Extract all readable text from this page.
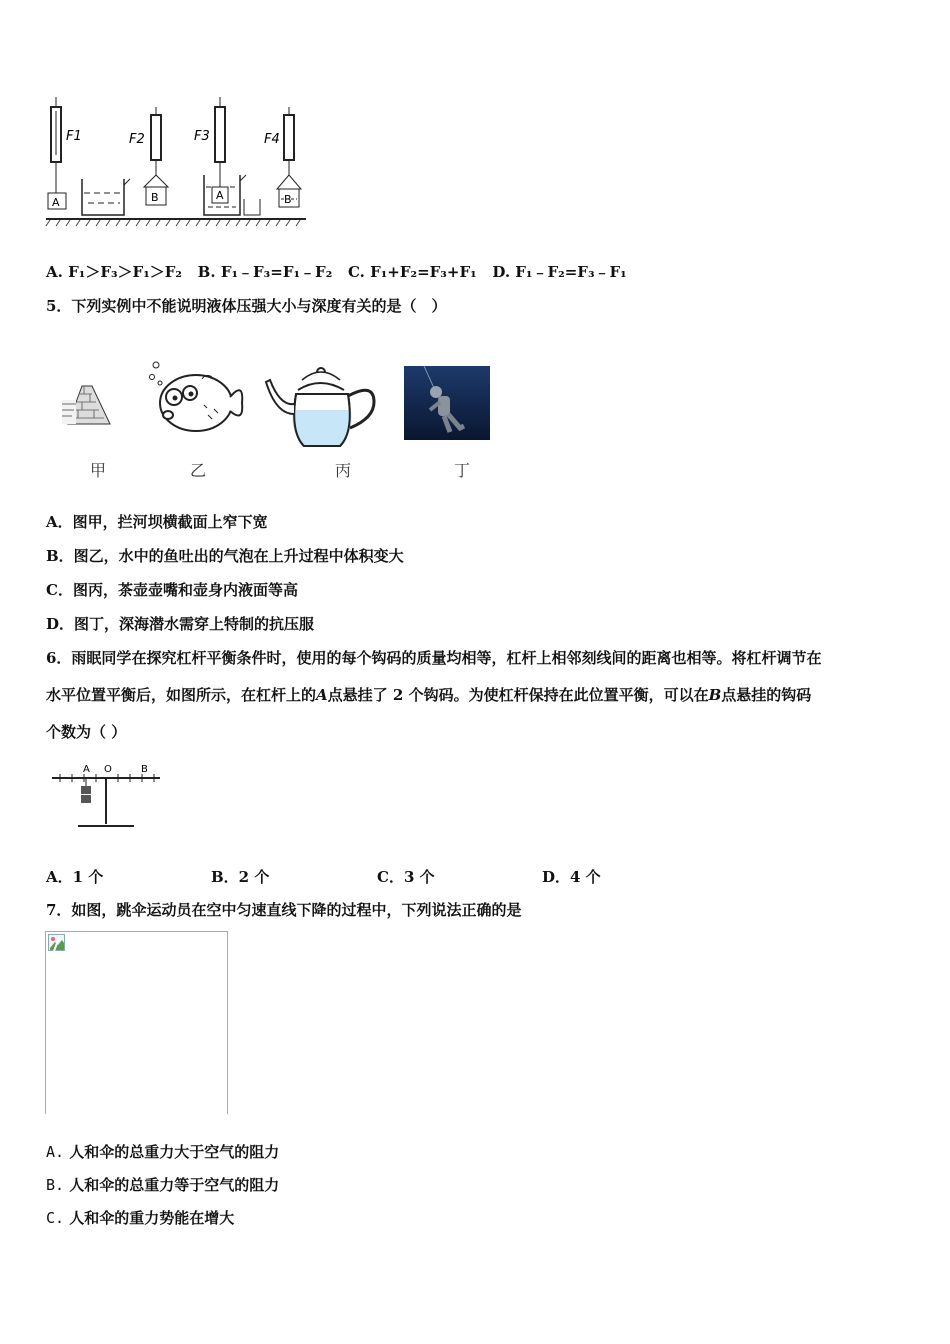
A
F1
B
F2
A
F3
B
F4
A. F₁＞F₃＞F₁＞F₂ B. F₁﹣F₃=F₁﹣F₂ C. F₁+F₂=F₃+F₁ D. F₁﹣F₂=F₃﹣F₁
5．下列实例中不能说明液体压强大小与深度有关的是（　）
甲	乙	丙	丁
A．图甲，拦河坝横截面上窄下宽
B．图乙，水中的鱼吐出的气泡在上升过程中体积变大
C．图丙，茶壶壶嘴和壶身内液面等高
D．图丁，深海潜水需穿上特制的抗压服
6．雨眠同学在探究杠杆平衡条件时，使用的每个钩码的质量均相等，杠杆上相邻刻线间的距离也相等。将杠杆调节在
水平位置平衡后，如图所示，在杠杆上的A点悬挂了 2 个钩码。为使杠杆保持在此位置平衡，可以在B点悬挂的钩码
个数为（ ）
A O	B
A．1 个	B．2 个	C．3 个	D．4 个
7．如图，跳伞运动员在空中匀速直线下降的过程中，下列说法正确的是
A. 人和伞的总重力大于空气的阻力
B. 人和伞的总重力等于空气的阻力
C. 人和伞的重力势能在增大
